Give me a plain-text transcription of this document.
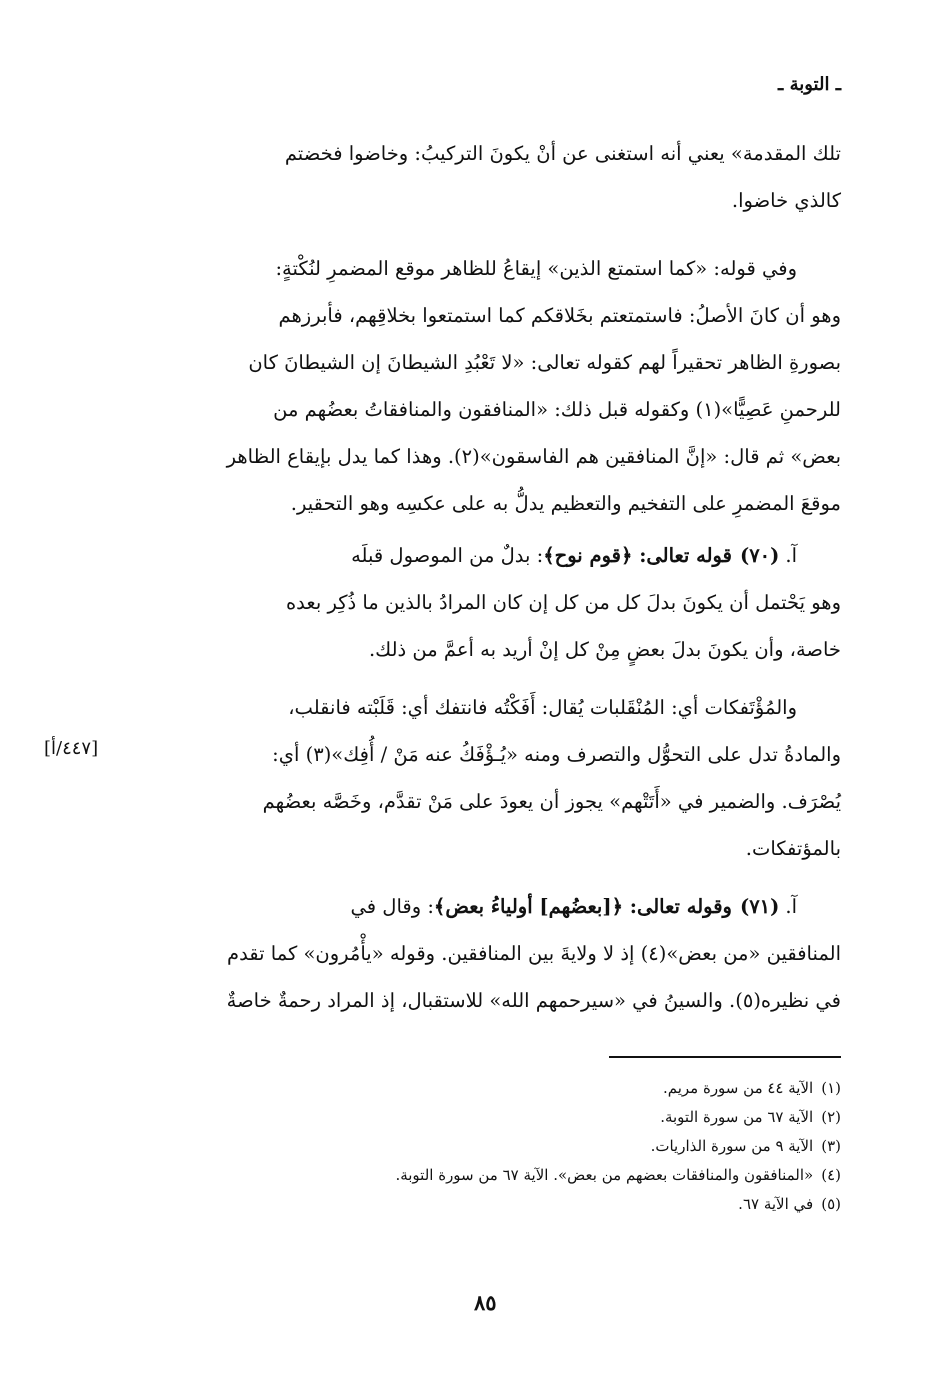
ـ التوبة ـ
تلك المقدمة» يعني أنه استغنى عن أنْ يكونَ التركيبُ: وخاضوا فخضتم
كالذي خاضوا.
وفي قوله: «كما استمتع الذين» إيقاعُ للظاهر موقع المضمرِ لنُكْتةٍ:
وهو أن كانَ الأصلُ: فاستمتعتم بخَلاقكم كما استمتعوا بخلاقِهم، فأبرزهم
بصورةِ الظاهر تحقيراً لهم كقوله تعالى: «لا تَعْبُدِ الشيطانَ إن الشيطانَ كان
للرحمنِ عَصِيًّا»(١) وكقوله قبل ذلك: «المنافقون والمنافقاتُ بعضُهم من
بعض» ثم قال: «إنَّ المنافقين هم الفاسقون»(٢). وهذا كما يدل بإيقاع الظاهر
موقعَ المضمرِ على التفخيم والتعظيم يدلُّ به على عكسِه وهو التحقير.
آ.(٧٠)قوله تعالى: ﴿قوم نوح﴾: بدلٌ من الموصول قبلَه
وهو يَحْتمل أن يكونَ بدلَ كل من كل إن كان المرادُ بالذين ما ذُكِر بعده
خاصة، وأن يكونَ بدلَ بعضٍ مِنْ كل إنْ أريد به أعمَّ من ذلك.
والمُؤْتَفكات أي: المُنْقَلبات يُقال: أَفَكْتُه فانتفك أي: قَلَبْته فانقلب،
والمادةُ تدل على التحوُّل والتصرف ومنه «يُـؤْفَكُ عنه مَنْ / أُفِك»(٣) أي:
يُصْرَف. والضمير في «أَتَتْهم» يجوز أن يعودَ على مَنْ تقدَّم، وخَصَّه بعضُهم
بالمؤتفكات.
[٤٤٧/أ]
آ.(٧١)وقوله تعالى: ﴿[بعضُهم] أولياءُ بعض﴾: وقال في
المنافقين «من بعض»(٤) إذ لا ولايةَ بين المنافقين. وقوله «يأْمُرون» كما تقدم
في نظيره(٥). والسينُ في «سيرحمهم الله» للاستقبال، إذ المراد رحمةٌ خاصةٌ
(١)الآية ٤٤ من سورة مريم.
(٢)الآية ٦٧ من سورة التوبة.
(٣)الآية ٩ من سورة الذاريات.
(٤)«المنافقون والمنافقات بعضهم من بعض». الآية ٦٧ من سورة التوبة.
(٥)في الآية ٦٧.
٨٥
